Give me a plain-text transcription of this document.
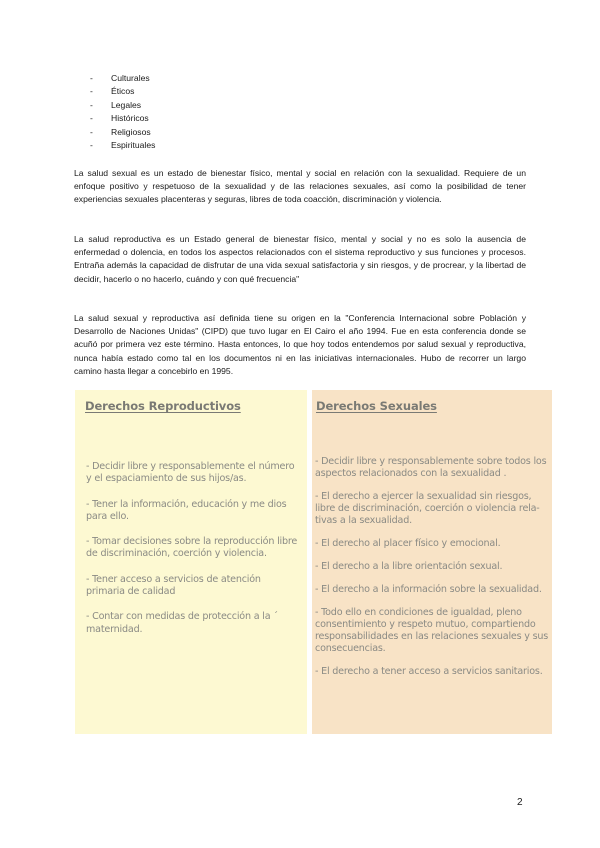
- Culturales
- Éticos
- Legales
- Históricos
- Religiosos
- Espirituales

La salud sexual es un estado de bienestar físico, mental y social en relación con la sexualidad. Requiere de un enfoque positivo y respetuoso de la sexualidad y de las relaciones sexuales, así como la posibilidad de tener experiencias sexuales placenteras y seguras, libres de toda coacción, discriminación y violencia.

La salud reproductiva es un Estado general de bienestar físico, mental y social y no es solo la ausencia de enfermedad o dolencia, en todos los aspectos relacionados con el sistema reproductivo y sus funciones y procesos. Entraña además la capacidad de disfrutar de una vida sexual satisfactoria y sin riesgos, y de procrear, y la libertad de decidir, hacerlo o no hacerlo, cuándo y con qué frecuencia"

La salud sexual y reproductiva así definida tiene su origen en la "Conferencia Internacional sobre Población y Desarrollo de Naciones Unidas" (CIPD) que tuvo lugar en El Cairo el año 1994. Fue en esta conferencia donde se acuñó por primera vez este término. Hasta entonces, lo que hoy todos entendemos por salud sexual y reproductiva, nunca había estado como tal en los documentos ni en las iniciativas internacionales. Hubo de recorrer un largo camino hasta llegar a concebirlo en 1995.

Derechos Reproductivos
- Decidir libre y responsablemente el número y el espaciamiento de sus hijos/as.
- Tener la información, educación y me dios para ello.
- Tomar decisiones sobre la reproducción libre de discriminación, coerción y violencia.
- Tener acceso a servicios de atención primaria de calidad
- Contar con medidas de protección a la ´ maternidad.
Derechos Sexuales
- Decidir libre y responsablemente sobre todos los aspectos relacionados con la sexualidad .
- El derecho a ejercer la sexualidad sin riesgos, libre de discriminación, coerción o violencia rela-tivas a la sexualidad.
- El derecho al placer físico y emocional.
- El derecho a la libre orientación sexual.
- El derecho a la información sobre la sexualidad.
- Todo ello en condiciones de igualdad, pleno consentimiento y respeto mutuo, compartiendo responsabilidades en las relaciones sexuales y sus consecuencias.
- El derecho a tener acceso a servicios sanitarios.
2
